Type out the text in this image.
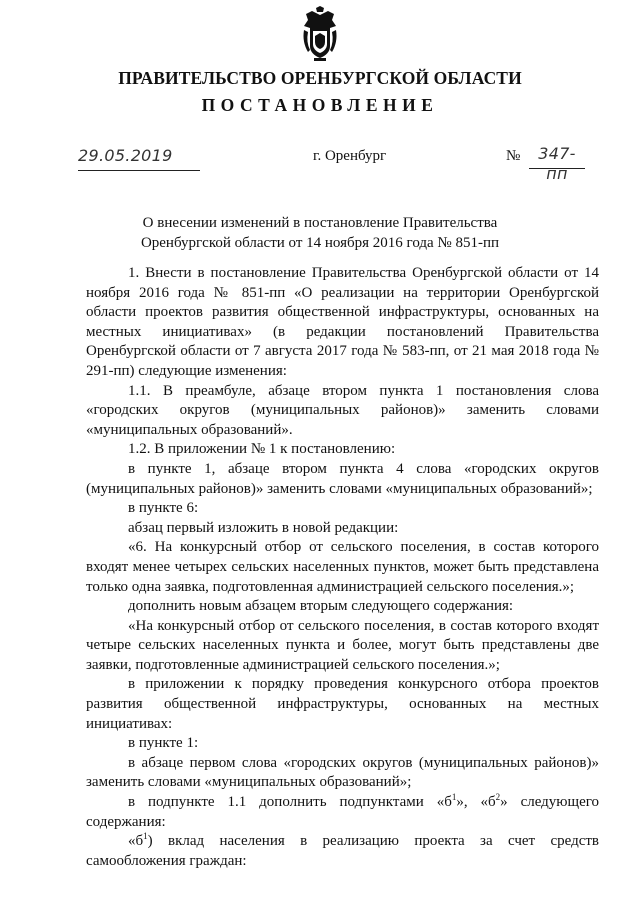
ПРАВИТЕЛЬСТВО ОРЕНБУРГСКОЙ ОБЛАСТИ
ПОСТАНОВЛЕНИЕ
29.05.2019	г. Оренбург	№	347-пп
О внесении изменений в постановление Правительства
Оренбургской области от 14 ноября 2016 года № 851-пп

1. Внести в постановление Правительства Оренбургской области от 14 ноября 2016 года № 851-пп «О реализации на территории Оренбургской области проектов развития общественной инфраструктуры, основанных на местных инициативах» (в редакции постановлений Правительства Оренбургской области от 7 августа 2017 года № 583-пп, от 21 мая 2018 года № 291-пп) следующие изменения:

1.1. В преамбуле, абзаце втором пункта 1 постановления слова «городских округов (муниципальных районов)» заменить словами «муниципальных образований».

1.2. В приложении № 1 к постановлению:

в пункте 1, абзаце втором пункта 4 слова «городских округов (муниципальных районов)» заменить словами «муниципальных образований»;

в пункте 6:

абзац первый изложить в новой редакции:

«6. На конкурсный отбор от сельского поселения, в состав которого входят менее четырех сельских населенных пунктов, может быть представлена только одна заявка, подготовленная администрацией сельского поселения.»;

дополнить новым абзацем вторым следующего содержания:

«На конкурсный отбор от сельского поселения, в состав которого входят четыре сельских населенных пункта и более, могут быть представлены две заявки, подготовленные администрацией сельского поселения.»;

в приложении к порядку проведения конкурсного отбора проектов развития общественной инфраструктуры, основанных на местных инициативах:

в пункте 1:

в абзаце первом слова «городских округов (муниципальных районов)» заменить словами «муниципальных образований»;

в подпункте 1.1 дополнить подпунктами «$б^1$», «$б^2$» следующего содержания:

«$б^1$) вклад населения в реализацию проекта за счет средств самообложения граждан:
